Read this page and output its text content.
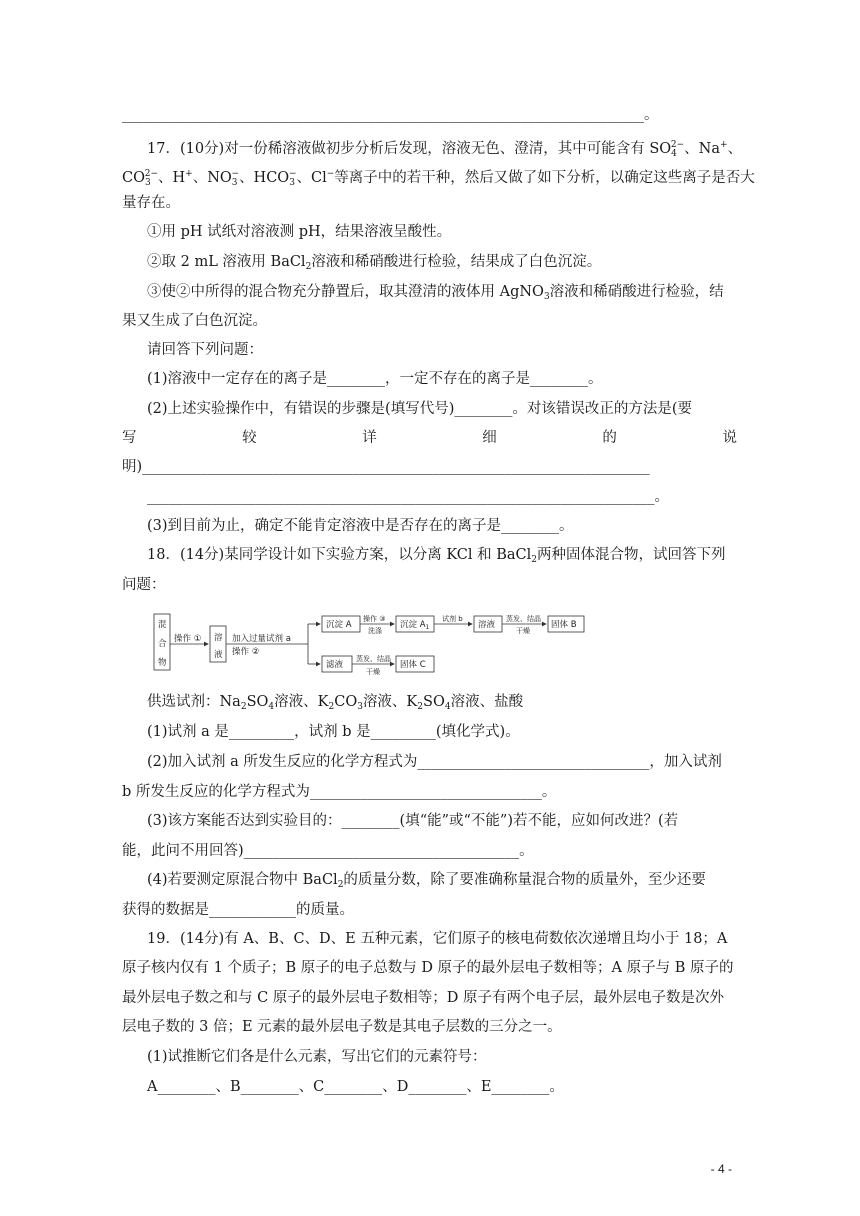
________________________________________________________________________。
17．(10分)对一份稀溶液做初步分析后发现，溶液无色、澄清，其中可能含有 $SO_4^{2-}$、Na+、
$CO_3^{2-}$、H+、$NO_3^-$、$HCO_3^-$、Cl−等离子中的若干种，然后又做了如下分析，以确定这些离子是否大
量存在。
①用 pH 试纸对溶液测 pH，结果溶液呈酸性。
②取 2 mL 溶液用 BaCl$_2$溶液和稀硝酸进行检验，结果成了白色沉淀。
③使②中所得的混合物充分静置后，取其澄清的液体用 AgNO$_3$溶液和稀硝酸进行检验，结
果又生成了白色沉淀。
请回答下列问题：
(1)溶液中一定存在的离子是________，一定不存在的离子是________。
(2)上述实验操作中，有错误的步骤是(填写代号)________。对该错误改正的方法是(要
写	较	详	细	的	说
明)______________________________________________________________________
______________________________________________________________________。
(3)到目前为止，确定不能肯定溶液中是否存在的离子是________。
18．(14分)某同学设计如下实验方案，以分离 KCl 和 BaCl$_2$两种固体混合物，试回答下列
问题：
混
合
物
操作 ① 溶
液
加入过量试剂 a
操作 ②
沉淀 A
操作 ③
洗涤
沉淀 $A_1$
试剂 b
溶液
蒸发、结晶
干燥
固体 B
滤液
蒸发、结晶
干燥
固体 C
供选试剂：$Na_2SO_4$溶液、$K_2CO_3$溶液、$K_2SO_4$溶液、盐酸
(1)试剂 a 是_________，试剂 b 是_________(填化学式)。
(2)加入试剂 a 所发生反应的化学方程式为________________________________，加入试剂
b 所发生反应的化学方程式为________________________________。
(3)该方案能否达到实验目的：________(填“能”或“不能”)若不能，应如何改进？(若
能，此问不用回答)______________________________________。
(4)若要测定原混合物中 BaCl$_2$的质量分数，除了要准确称量混合物的质量外，至少还要
获得的数据是____________的质量。
19．(14分)有 A、B、C、D、E 五种元素，它们原子的核电荷数依次递增且均小于 18；A
原子核内仅有 1 个质子；B 原子的电子总数与 D 原子的最外层电子数相等；A 原子与 B 原子的
最外层电子数之和与 C 原子的最外层电子数相等；D 原子有两个电子层，最外层电子数是次外
层电子数的 3 倍；E 元素的最外层电子数是其电子层数的三分之一。
(1)试推断它们各是什么元素，写出它们的元素符号：
A________、B________、C________、D________、E________。
- 4 -
